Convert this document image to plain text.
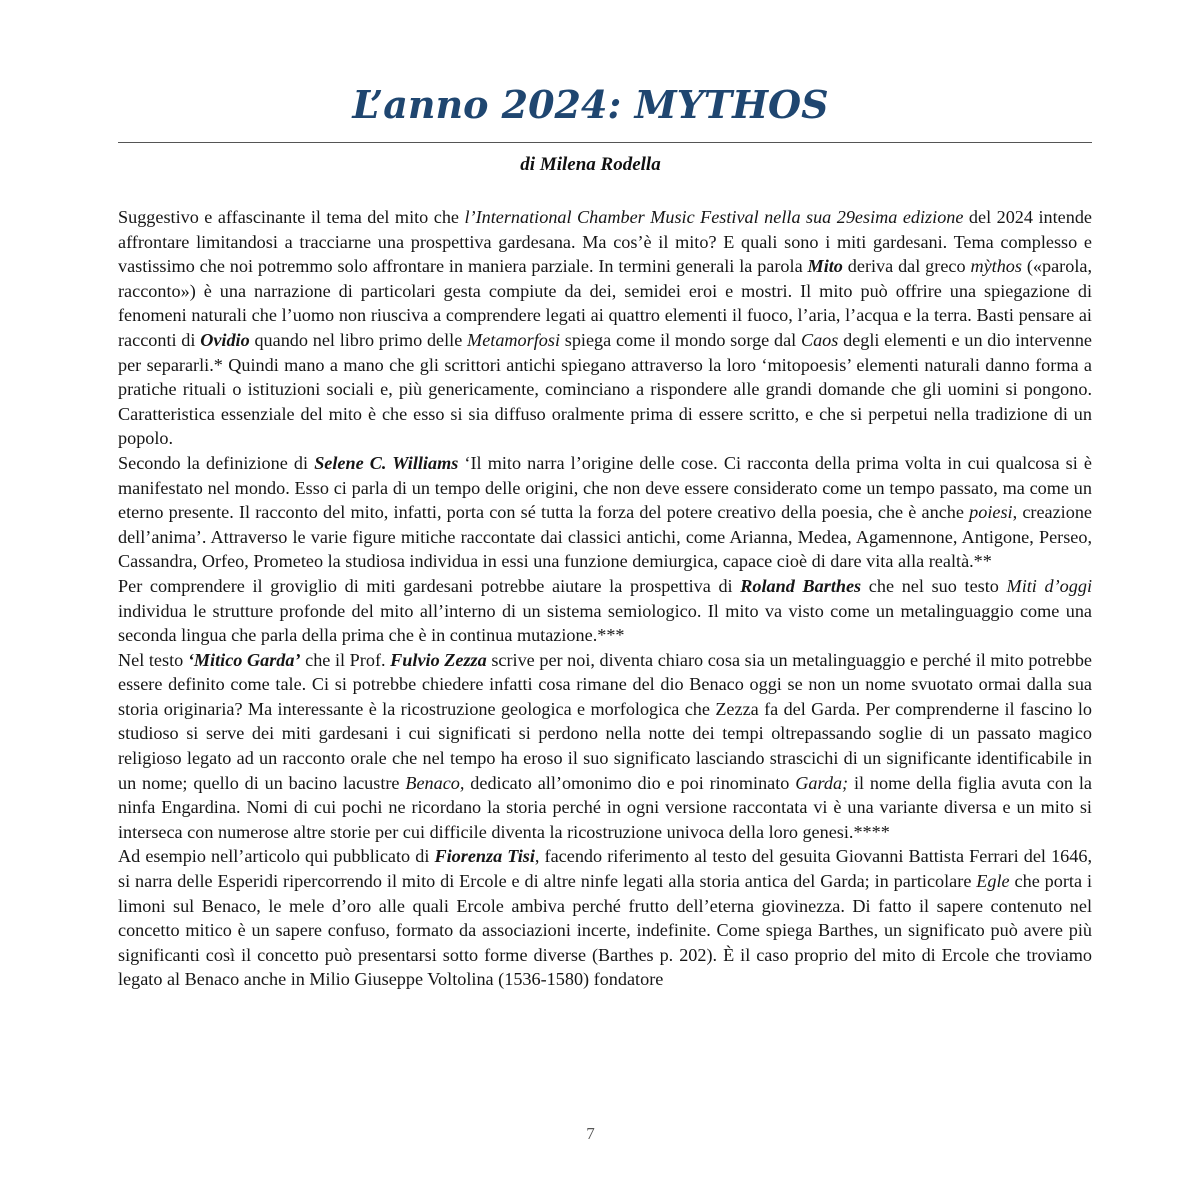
L’anno 2024: MYTHOS
di Milena Rodella

Suggestivo e affascinante il tema del mito che l’International Chamber Music Festival nella sua 29esima edizione del 2024 intende affrontare limitandosi a tracciarne una prospettiva gardesana. Ma cos’è il mito? E quali sono i miti gardesani. Tema complesso e vastissimo che noi potremmo solo affrontare in maniera parziale. In termini generali la parola Mito deriva dal greco mỳthos («parola, racconto») è una narrazione di particolari gesta compiute da dei, semidei eroi e mostri. Il mito può offrire una spiegazione di fenomeni naturali che l’uomo non riusciva a comprendere legati ai quattro elementi il fuoco, l’aria, l’acqua e la terra. Basti pensare ai racconti di Ovidio quando nel libro primo delle Metamorfosi spiega come il mondo sorge dal Caos degli elementi e un dio intervenne per separarli.* Quindi mano a mano che gli scrittori antichi spiegano attraverso la loro ‘mitopoesis’ elementi naturali danno forma a pratiche rituali o istituzioni sociali e, più genericamente, cominciano a rispondere alle grandi domande che gli uomini si pongono. Caratteristica essenziale del mito è che esso si sia diffuso oralmente prima di essere scritto, e che si perpetui nella tradizione di un popolo.

Secondo la definizione di Selene C. Williams ‘Il mito narra l’origine delle cose. Ci racconta della prima volta in cui qualcosa si è manifestato nel mondo. Esso ci parla di un tempo delle origini, che non deve essere considerato come un tempo passato, ma come un eterno presente. Il racconto del mito, infatti, porta con sé tutta la forza del potere creativo della poesia, che è anche poiesi, creazione dell’anima’. Attraverso le varie figure mitiche raccontate dai classici antichi, come Arianna, Medea, Agamennone, Antigone, Perseo, Cassandra, Orfeo, Prometeo la studiosa individua in essi una funzione demiurgica, capace cioè di dare vita alla realtà.**

Per comprendere il groviglio di miti gardesani potrebbe aiutare la prospettiva di Roland Barthes che nel suo testo Miti d’oggi individua le strutture profonde del mito all’interno di un sistema semiologico. Il mito va visto come un metalinguaggio come una seconda lingua che parla della prima che è in continua mutazione.***

Nel testo ‘Mitico Garda’ che il Prof. Fulvio Zezza scrive per noi, diventa chiaro cosa sia un metalinguaggio e perché il mito potrebbe essere definito come tale. Ci si potrebbe chiedere infatti cosa rimane del dio Benaco oggi se non un nome svuotato ormai dalla sua storia originaria? Ma interessante è la ricostruzione geologica e morfologica che Zezza fa del Garda. Per comprenderne il fascino lo studioso si serve dei miti gardesani i cui significati si perdono nella notte dei tempi oltrepassando soglie di un passato magico religioso legato ad un racconto orale che nel tempo ha eroso il suo significato lasciando strascichi di un significante identificabile in un nome; quello di un bacino lacustre Benaco, dedicato all’omonimo dio e poi rinominato Garda; il nome della figlia avuta con la ninfa Engardina. Nomi di cui pochi ne ricordano la storia perché in ogni versione raccontata vi è una variante diversa e un mito si interseca con numerose altre storie per cui difficile diventa la ricostruzione univoca della loro genesi.****

Ad esempio nell’articolo qui pubblicato di Fiorenza Tisi, facendo riferimento al testo del gesuita Giovanni Battista Ferrari del 1646, si narra delle Esperidi ripercorrendo il mito di Ercole e di altre ninfe legati alla storia antica del Garda; in particolare Egle che porta i limoni sul Benaco, le mele d’oro alle quali Ercole ambiva perché frutto dell’eterna giovinezza. Di fatto il sapere contenuto nel concetto mitico è un sapere confuso, formato da associazioni incerte, indefinite. Come spiega Barthes, un significato può avere più significanti così il concetto può presentarsi sotto forme diverse (Barthes p. 202). È il caso proprio del mito di Ercole che troviamo legato al Benaco anche in Milio Giuseppe Voltolina (1536-1580) fondatore

7
